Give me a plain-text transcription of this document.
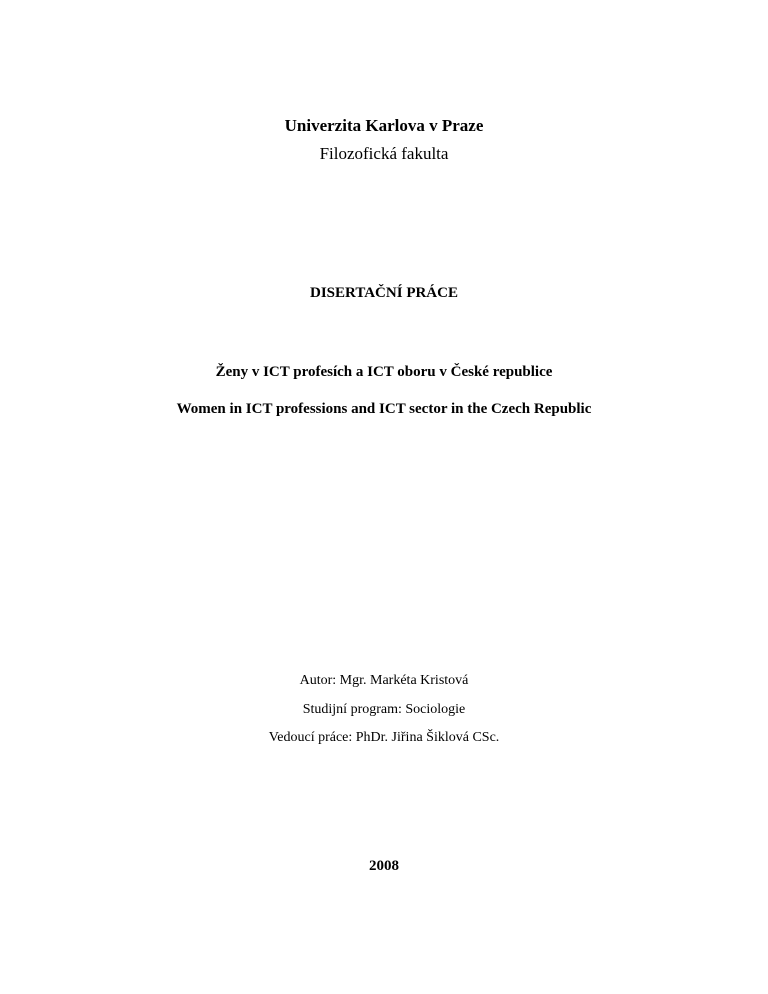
Univerzita Karlova v Praze
Filozofická fakulta
DISERTAČNÍ PRÁCE
Ženy v ICT profesích a ICT oboru v České republice
Women in ICT professions and ICT sector in the Czech Republic
Autor: Mgr. Markéta Kristová
Studijní program: Sociologie
Vedoucí práce: PhDr. Jiřina Šiklová CSc.
2008
